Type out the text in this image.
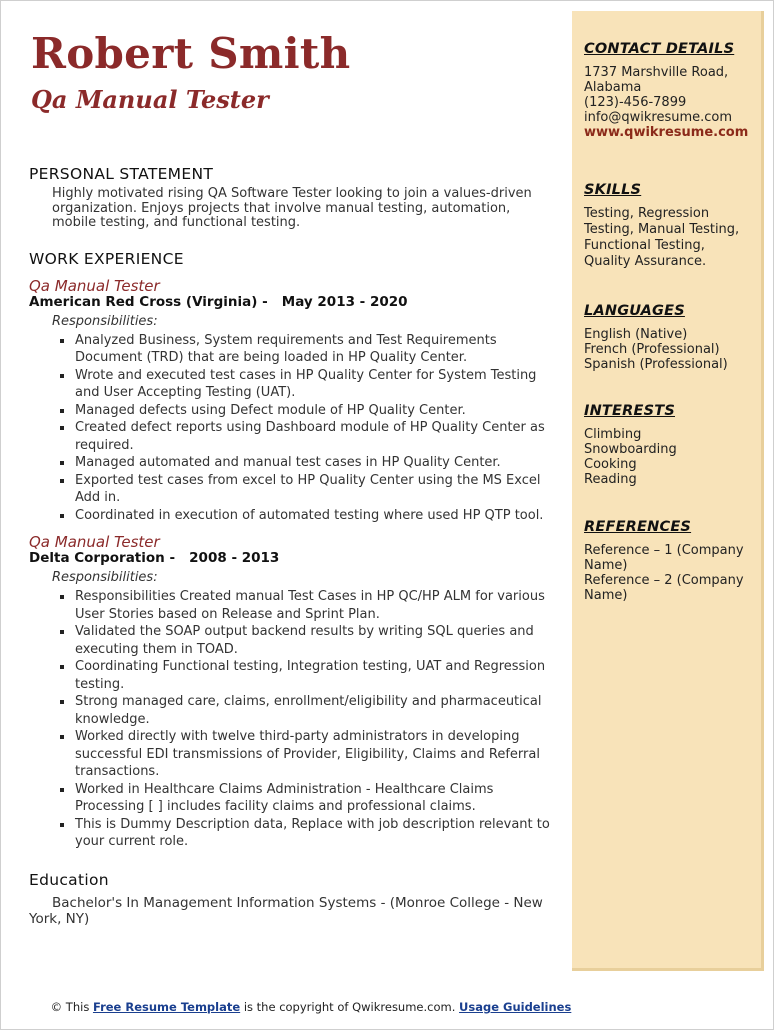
Robert Smith
Qa Manual Tester
PERSONAL STATEMENT
Highly motivated rising QA Software Tester looking to join a values-driven organization. Enjoys projects that involve manual testing, automation, mobile testing, and functional testing.
WORK EXPERIENCE
Qa Manual Tester
American Red Cross (Virginia) -   May 2013 - 2020
Responsibilities:
Analyzed Business, System requirements and Test Requirements Document (TRD) that are being loaded in HP Quality Center.
Wrote and executed test cases in HP Quality Center for System Testing and User Accepting Testing (UAT).
Managed defects using Defect module of HP Quality Center.
Created defect reports using Dashboard module of HP Quality Center as required.
Managed automated and manual test cases in HP Quality Center.
Exported test cases from excel to HP Quality Center using the MS Excel Add in.
Coordinated in execution of automated testing where used HP QTP tool.
Qa Manual Tester
Delta Corporation -   2008 - 2013
Responsibilities:
Responsibilities Created manual Test Cases in HP QC/HP ALM for various User Stories based on Release and Sprint Plan.
Validated the SOAP output backend results by writing SQL queries and executing them in TOAD.
Coordinating Functional testing, Integration testing, UAT and Regression testing.
Strong managed care, claims, enrollment/eligibility and pharmaceutical knowledge.
Worked directly with twelve third-party administrators in developing successful EDI transmissions of Provider, Eligibility, Claims and Referral transactions.
Worked in Healthcare Claims Administration - Healthcare Claims Processing [ ] includes facility claims and professional claims.
This is Dummy Description data, Replace with job description relevant to your current role.
Education
Bachelor's In Management Information Systems - (Monroe College - New York, NY)
CONTACT DETAILS
1737 Marshville Road, Alabama
(123)-456-7899
info@qwikresume.com
www.qwikresume.com
SKILLS
Testing, Regression Testing, Manual Testing, Functional Testing, Quality Assurance.
LANGUAGES
English (Native)
French (Professional)
Spanish (Professional)
INTERESTS
Climbing
Snowboarding
Cooking
Reading
REFERENCES
Reference – 1 (Company Name)
Reference – 2 (Company Name)
© This Free Resume Template is the copyright of Qwikresume.com. Usage Guidelines
